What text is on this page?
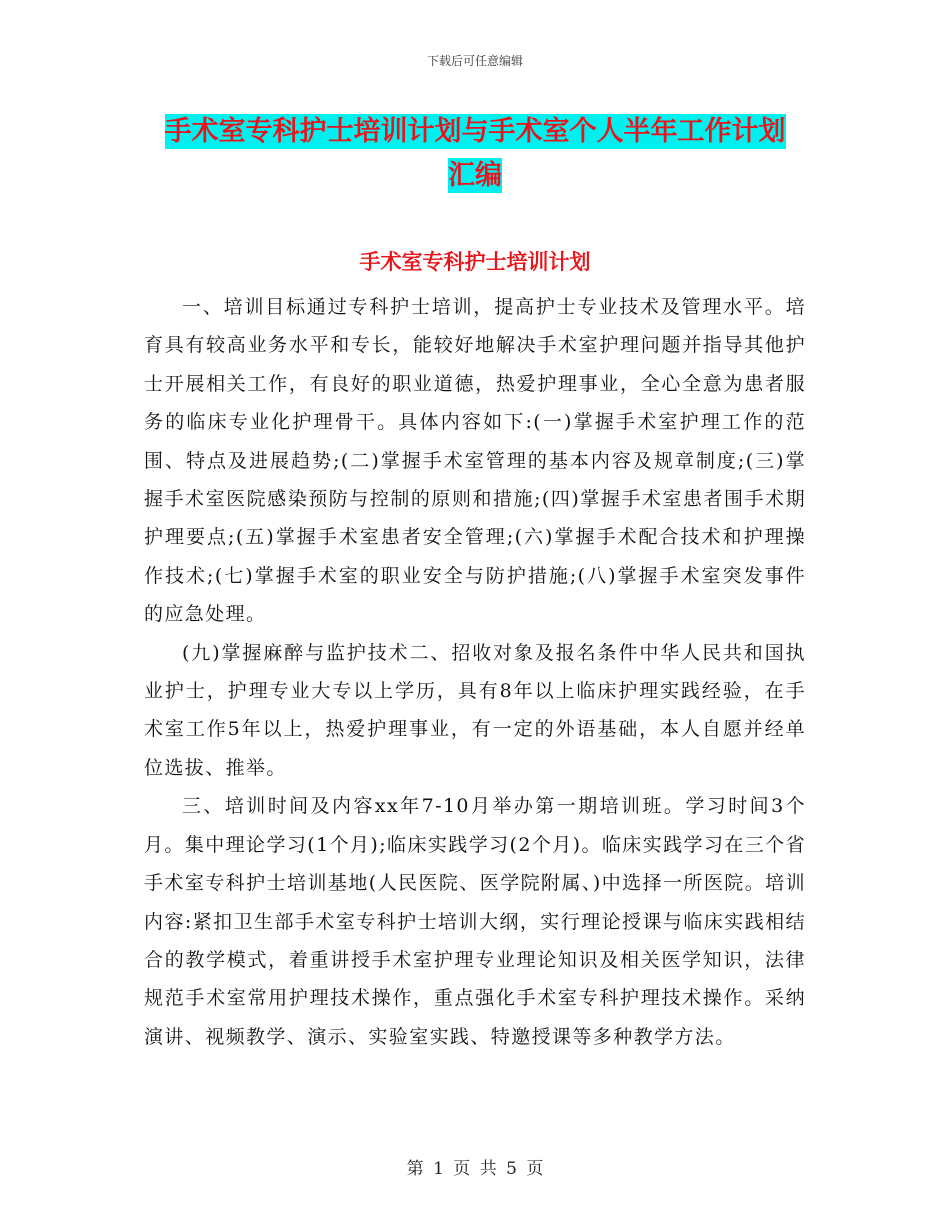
下载后可任意编辑
手术室专科护士培训计划与手术室个人半年工作计划
汇编
手术室专科护士培训计划

一、培训目标通过专科护士培训，提高护士专业技术及管理水平。培育具有较高业务水平和专长，能较好地解决手术室护理问题并指导其他护士开展相关工作，有良好的职业道德，热爱护理事业，全心全意为患者服务的临床专业化护理骨干。具体内容如下:(一)掌握手术室护理工作的范围、特点及进展趋势;(二)掌握手术室管理的基本内容及规章制度;(三)掌握手术室医院感染预防与控制的原则和措施;(四)掌握手术室患者围手术期护理要点;(五)掌握手术室患者安全管理;(六)掌握手术配合技术和护理操作技术;(七)掌握手术室的职业安全与防护措施;(八)掌握手术室突发事件的应急处理。

(九)掌握麻醉与监护技术二、招收对象及报名条件中华人民共和国执业护士，护理专业大专以上学历，具有8年以上临床护理实践经验，在手术室工作5年以上，热爱护理事业，有一定的外语基础，本人自愿并经单位选拔、推举。

三、培训时间及内容xx年7-10月举办第一期培训班。学习时间3个月。集中理论学习(1个月);临床实践学习(2个月)。临床实践学习在三个省手术室专科护士培训基地(人民医院、医学院附属、)中选择一所医院。培训内容:紧扣卫生部手术室专科护士培训大纲，实行理论授课与临床实践相结合的教学模式，着重讲授手术室护理专业理论知识及相关医学知识，法律规范手术室常用护理技术操作，重点强化手术室专科护理技术操作。采纳演讲、视频教学、演示、实验室实践、特邀授课等多种教学方法。

第 1 页 共 5 页
